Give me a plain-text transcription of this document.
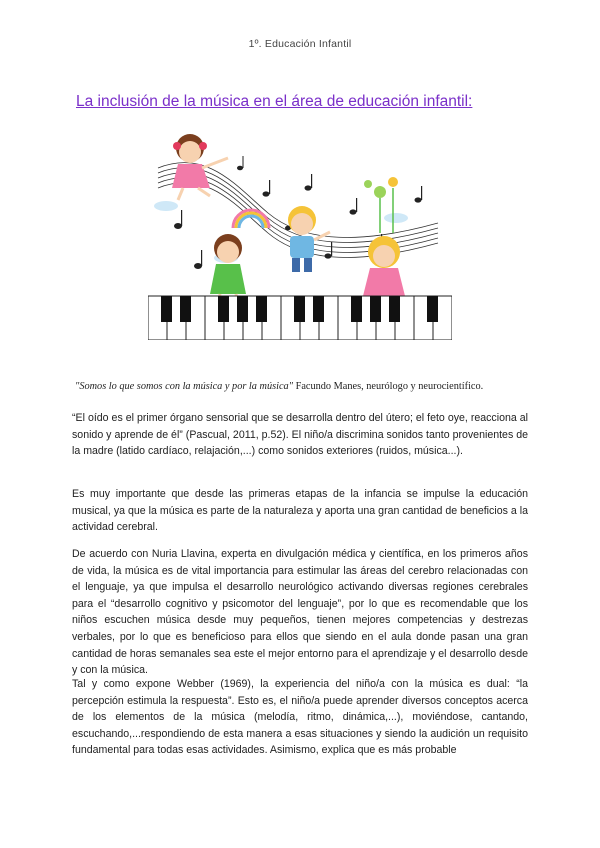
1º. Educación Infantil
La inclusión de la música en el área de educación infantil:
"Somos lo que somos con la música y por la música" Facundo Manes, neurólogo y neurocientífico.

“El oído es el primer órgano sensorial que se desarrolla dentro del útero; el feto oye, reacciona al sonido y aprende de él” (Pascual, 2011, p.52). El niño/a discrimina sonidos tanto provenientes de la madre (latido cardíaco, relajación,...) como sonidos exteriores (ruidos, música...).

Es muy importante que desde las primeras etapas de la infancia se impulse la educación musical, ya que la música es parte de la naturaleza y aporta una gran cantidad de beneficios a la actividad cerebral.

De acuerdo con Nuria Llavina, experta en divulgación médica y científica, en los primeros años de vida, la música es de vital importancia para estimular las áreas del cerebro relacionadas con el lenguaje, ya que impulsa el desarrollo neurológico activando diversas regiones cerebrales para el “desarrollo cognitivo y psicomotor del lenguaje”, por lo que es recomendable que los niños escuchen música desde muy pequeños, tienen mejores competencias y destrezas verbales, por lo que es beneficioso para ellos que siendo en el aula donde pasan una gran cantidad de horas semanales sea este el mejor entorno para el aprendizaje y el desarrollo desde y con la música.

Tal y como expone Webber (1969), la experiencia del niño/a con la música es dual: “la percepción estimula la respuesta”. Esto es, el niño/a puede aprender diversos conceptos acerca de los elementos de la música (melodía, ritmo, dinámica,...), moviéndose, cantando, escuchando,...respondiendo de esta manera a esas situaciones y siendo la audición un requisito fundamental para todas esas actividades. Asimismo, explica que es más probable
